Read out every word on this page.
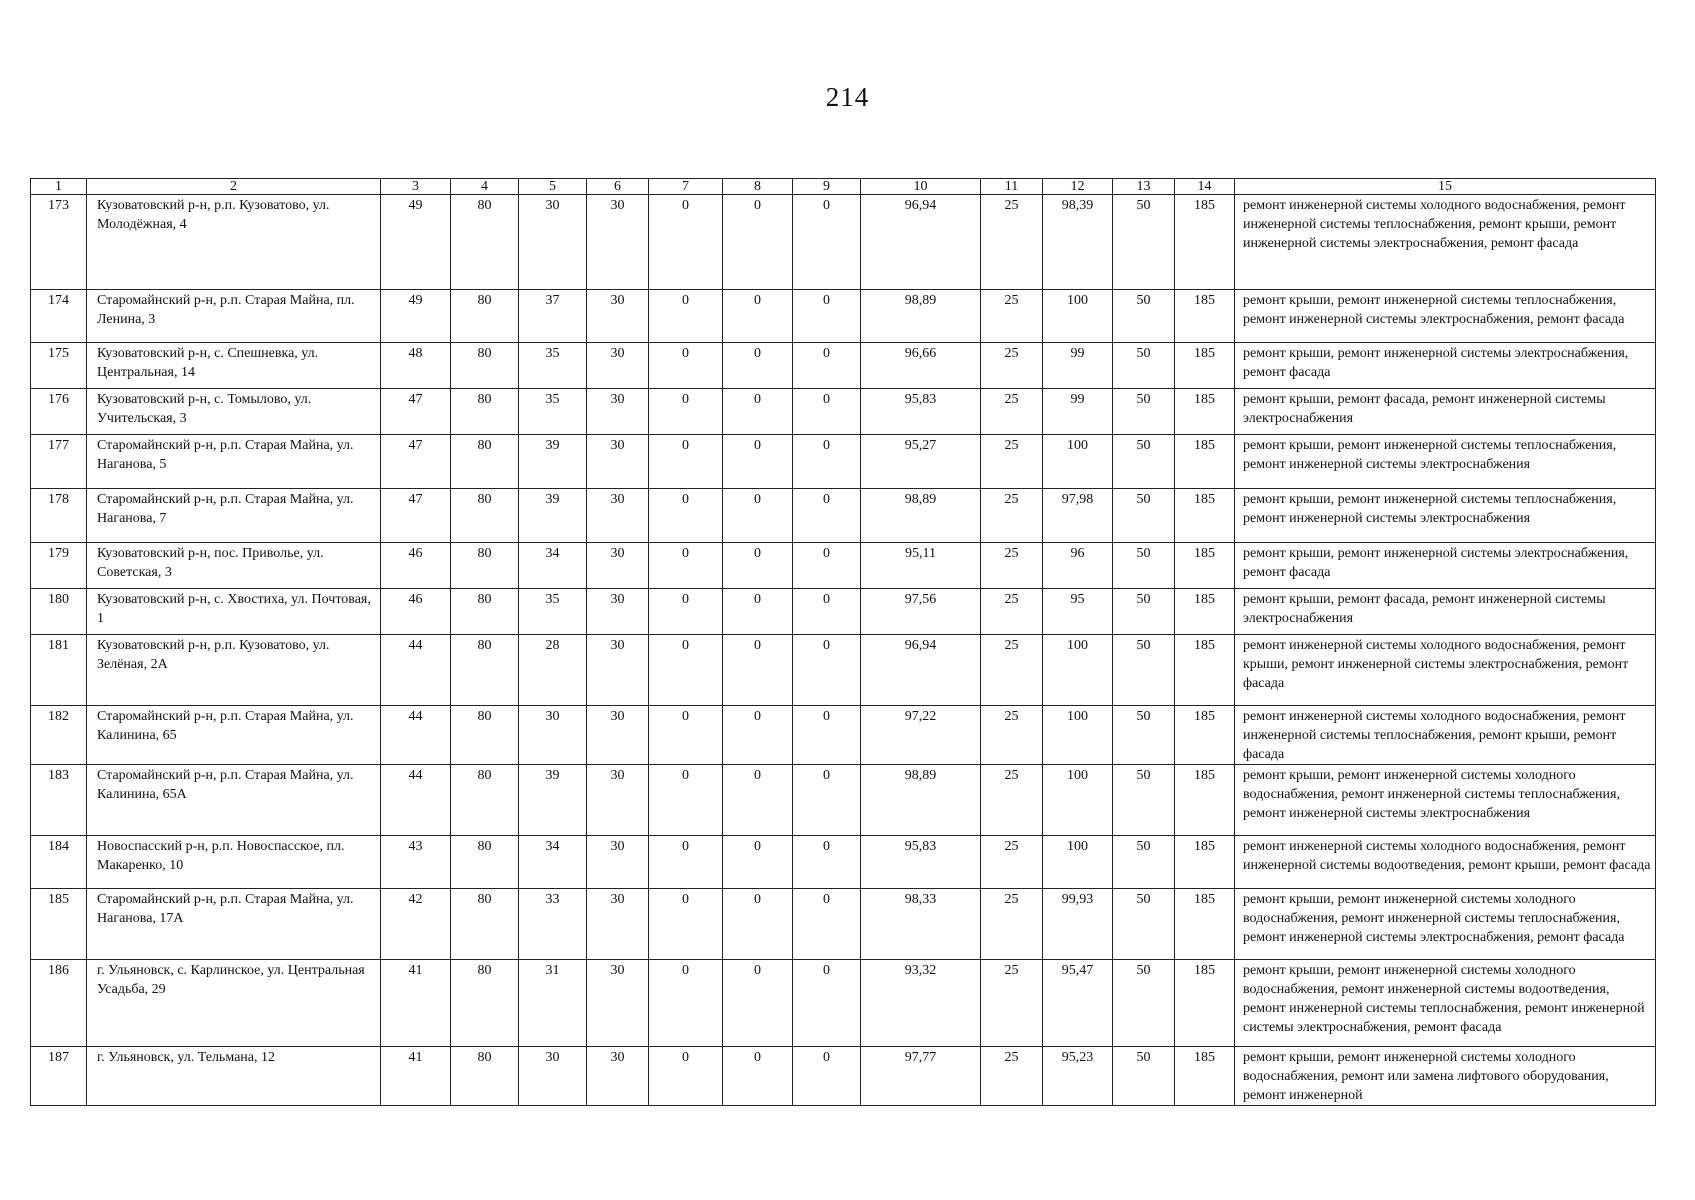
214
1	2	3	4	5	6	7	8	9	10	11	12	13	14	15
173	Кузоватовский р-н, р.п. Кузоватово, ул. Молодёжная, 4	49	80	30	30	0	0	0	96,94	25	98,39	50	185	ремонт инженерной системы холодного водоснабжения, ремонт инженерной системы теплоснабжения, ремонт крыши, ремонт инженерной системы электроснабжения, ремонт фасада
174	Старомайнский р-н, р.п. Старая Майна, пл. Ленина, 3	49	80	37	30	0	0	0	98,89	25	100	50	185	ремонт крыши, ремонт инженерной системы теплоснабжения, ремонт инженерной системы электроснабжения, ремонт фасада
175	Кузоватовский р-н, с. Спешневка, ул. Центральная, 14	48	80	35	30	0	0	0	96,66	25	99	50	185	ремонт крыши, ремонт инженерной системы электроснабжения, ремонт фасада
176	Кузоватовский р-н, с. Томылово, ул. Учительская, 3	47	80	35	30	0	0	0	95,83	25	99	50	185	ремонт крыши, ремонт фасада, ремонт инженерной системы электроснабжения
177	Старомайнский р-н, р.п. Старая Майна, ул. Наганова, 5	47	80	39	30	0	0	0	95,27	25	100	50	185	ремонт крыши, ремонт инженерной системы теплоснабжения, ремонт инженерной системы электроснабжения
178	Старомайнский р-н, р.п. Старая Майна, ул. Наганова, 7	47	80	39	30	0	0	0	98,89	25	97,98	50	185	ремонт крыши, ремонт инженерной системы теплоснабжения, ремонт инженерной системы электроснабжения
179	Кузоватовский р-н, пос. Приволье, ул. Советская, 3	46	80	34	30	0	0	0	95,11	25	96	50	185	ремонт крыши, ремонт инженерной системы электроснабжения, ремонт фасада
180	Кузоватовский р-н, с. Хвостиха, ул. Почтовая, 1	46	80	35	30	0	0	0	97,56	25	95	50	185	ремонт крыши, ремонт фасада, ремонт инженерной системы электроснабжения
181	Кузоватовский р-н, р.п. Кузоватово, ул. Зелёная, 2А	44	80	28	30	0	0	0	96,94	25	100	50	185	ремонт инженерной системы холодного водоснабжения, ремонт крыши, ремонт инженерной системы электроснабжения, ремонт фасада
182	Старомайнский р-н, р.п. Старая Майна, ул. Калинина, 65	44	80	30	30	0	0	0	97,22	25	100	50	185	ремонт инженерной системы холодного водоснабжения, ремонт инженерной системы теплоснабжения, ремонт крыши, ремонт фасада
183	Старомайнский р-н, р.п. Старая Майна, ул. Калинина, 65А	44	80	39	30	0	0	0	98,89	25	100	50	185	ремонт крыши, ремонт инженерной системы холодного водоснабжения, ремонт инженерной системы теплоснабжения, ремонт инженерной системы электроснабжения
184	Новоспасский р-н, р.п. Новоспасское, пл. Макаренко, 10	43	80	34	30	0	0	0	95,83	25	100	50	185	ремонт инженерной системы холодного водоснабжения, ремонт инженерной системы водоотведения, ремонт крыши, ремонт фасада
185	Старомайнский р-н, р.п. Старая Майна, ул. Наганова, 17А	42	80	33	30	0	0	0	98,33	25	99,93	50	185	ремонт крыши, ремонт инженерной системы холодного водоснабжения, ремонт инженерной системы теплоснабжения, ремонт инженерной системы электроснабжения, ремонт фасада
186	г. Ульяновск, с. Карлинское, ул. Центральная Усадьба, 29	41	80	31	30	0	0	0	93,32	25	95,47	50	185	ремонт крыши, ремонт инженерной системы холодного водоснабжения, ремонт инженерной системы водоотведения, ремонт инженерной системы теплоснабжения, ремонт инженерной системы электроснабжения, ремонт фасада
187	г. Ульяновск, ул. Тельмана, 12	41	80	30	30	0	0	0	97,77	25	95,23	50	185	ремонт крыши, ремонт инженерной системы холодного водоснабжения, ремонт или замена лифтового оборудования, ремонт инженерной
